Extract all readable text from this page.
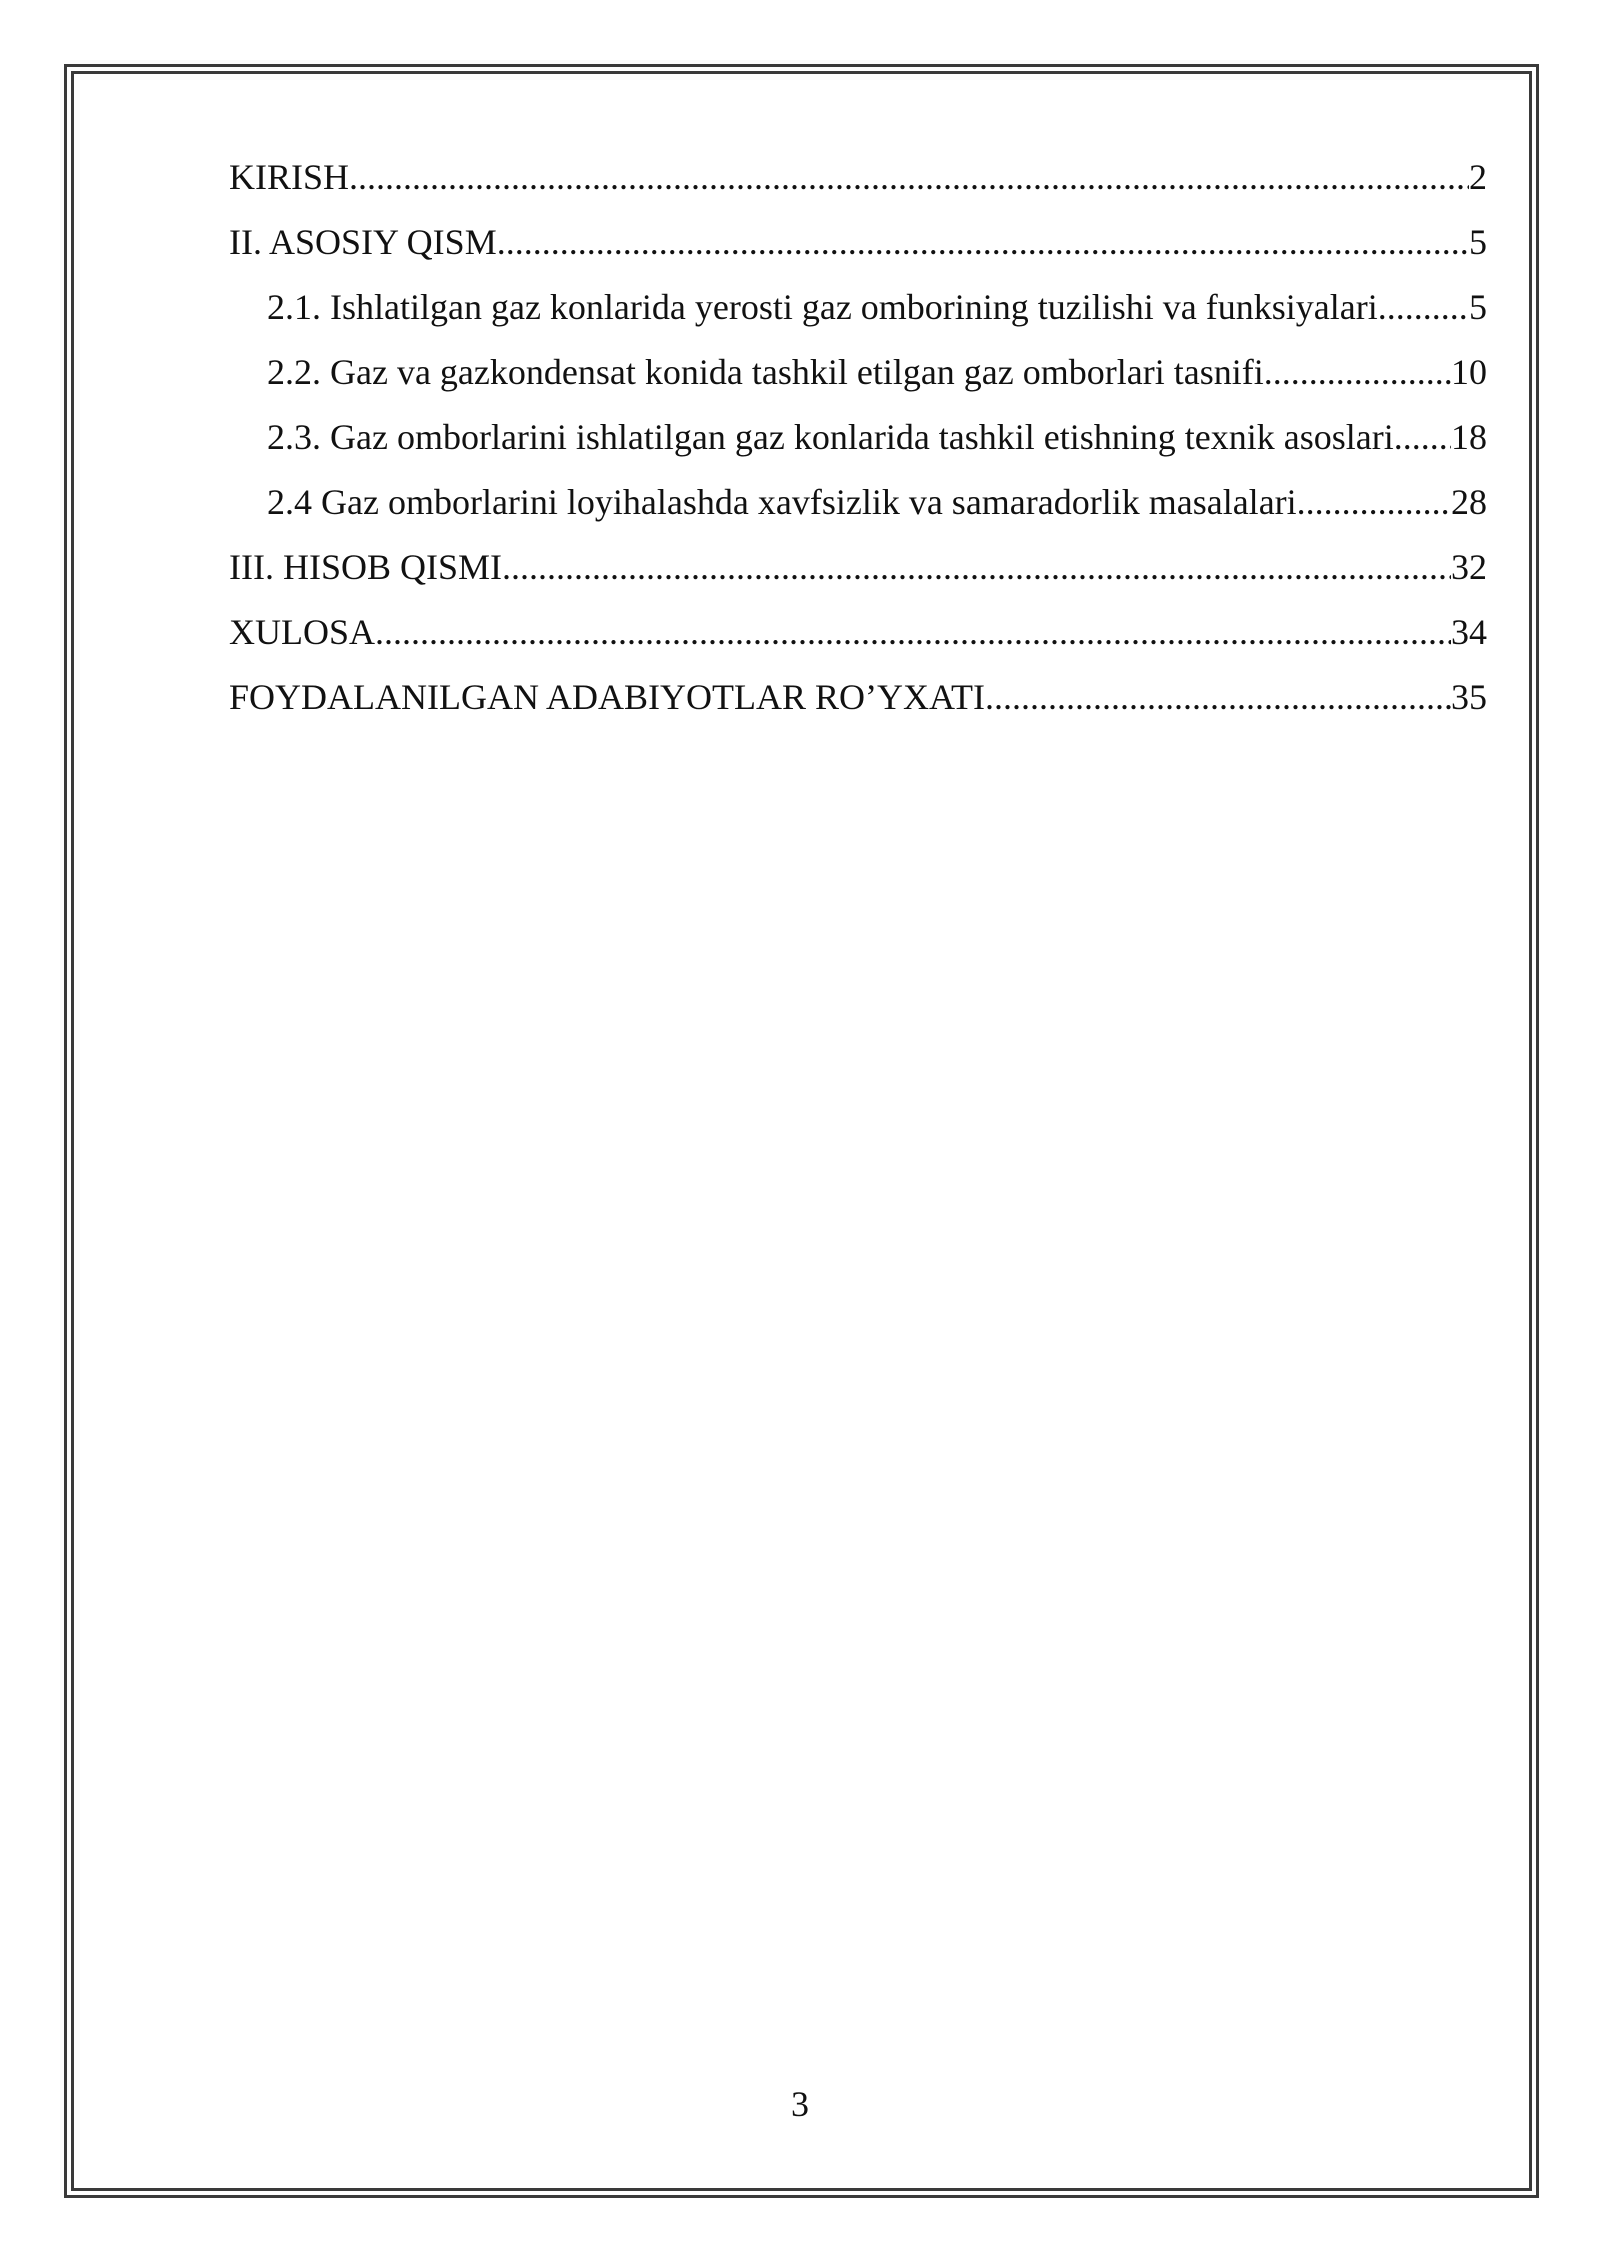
KIRISH .....	2
II. ASOSIY QISM .....	5
2.1. Ishlatilgan gaz konlarida yerosti gaz omborining tuzilishi va funksiyalari .....	5
2.2. Gaz va gazkondensat konida tashkil etilgan gaz omborlari tasnifi .....	10
2.3. Gaz omborlarini ishlatilgan gaz konlarida tashkil etishning texnik asoslari ..... 18
2.4 Gaz omborlarini loyihalashda xavfsizlik va samaradorlik masalalari .....	28
III. HISOB QISMI .....	32
XULOSA .....	34
FOYDALANILGAN ADABIYOTLAR RO’YXATI .....	35
3
